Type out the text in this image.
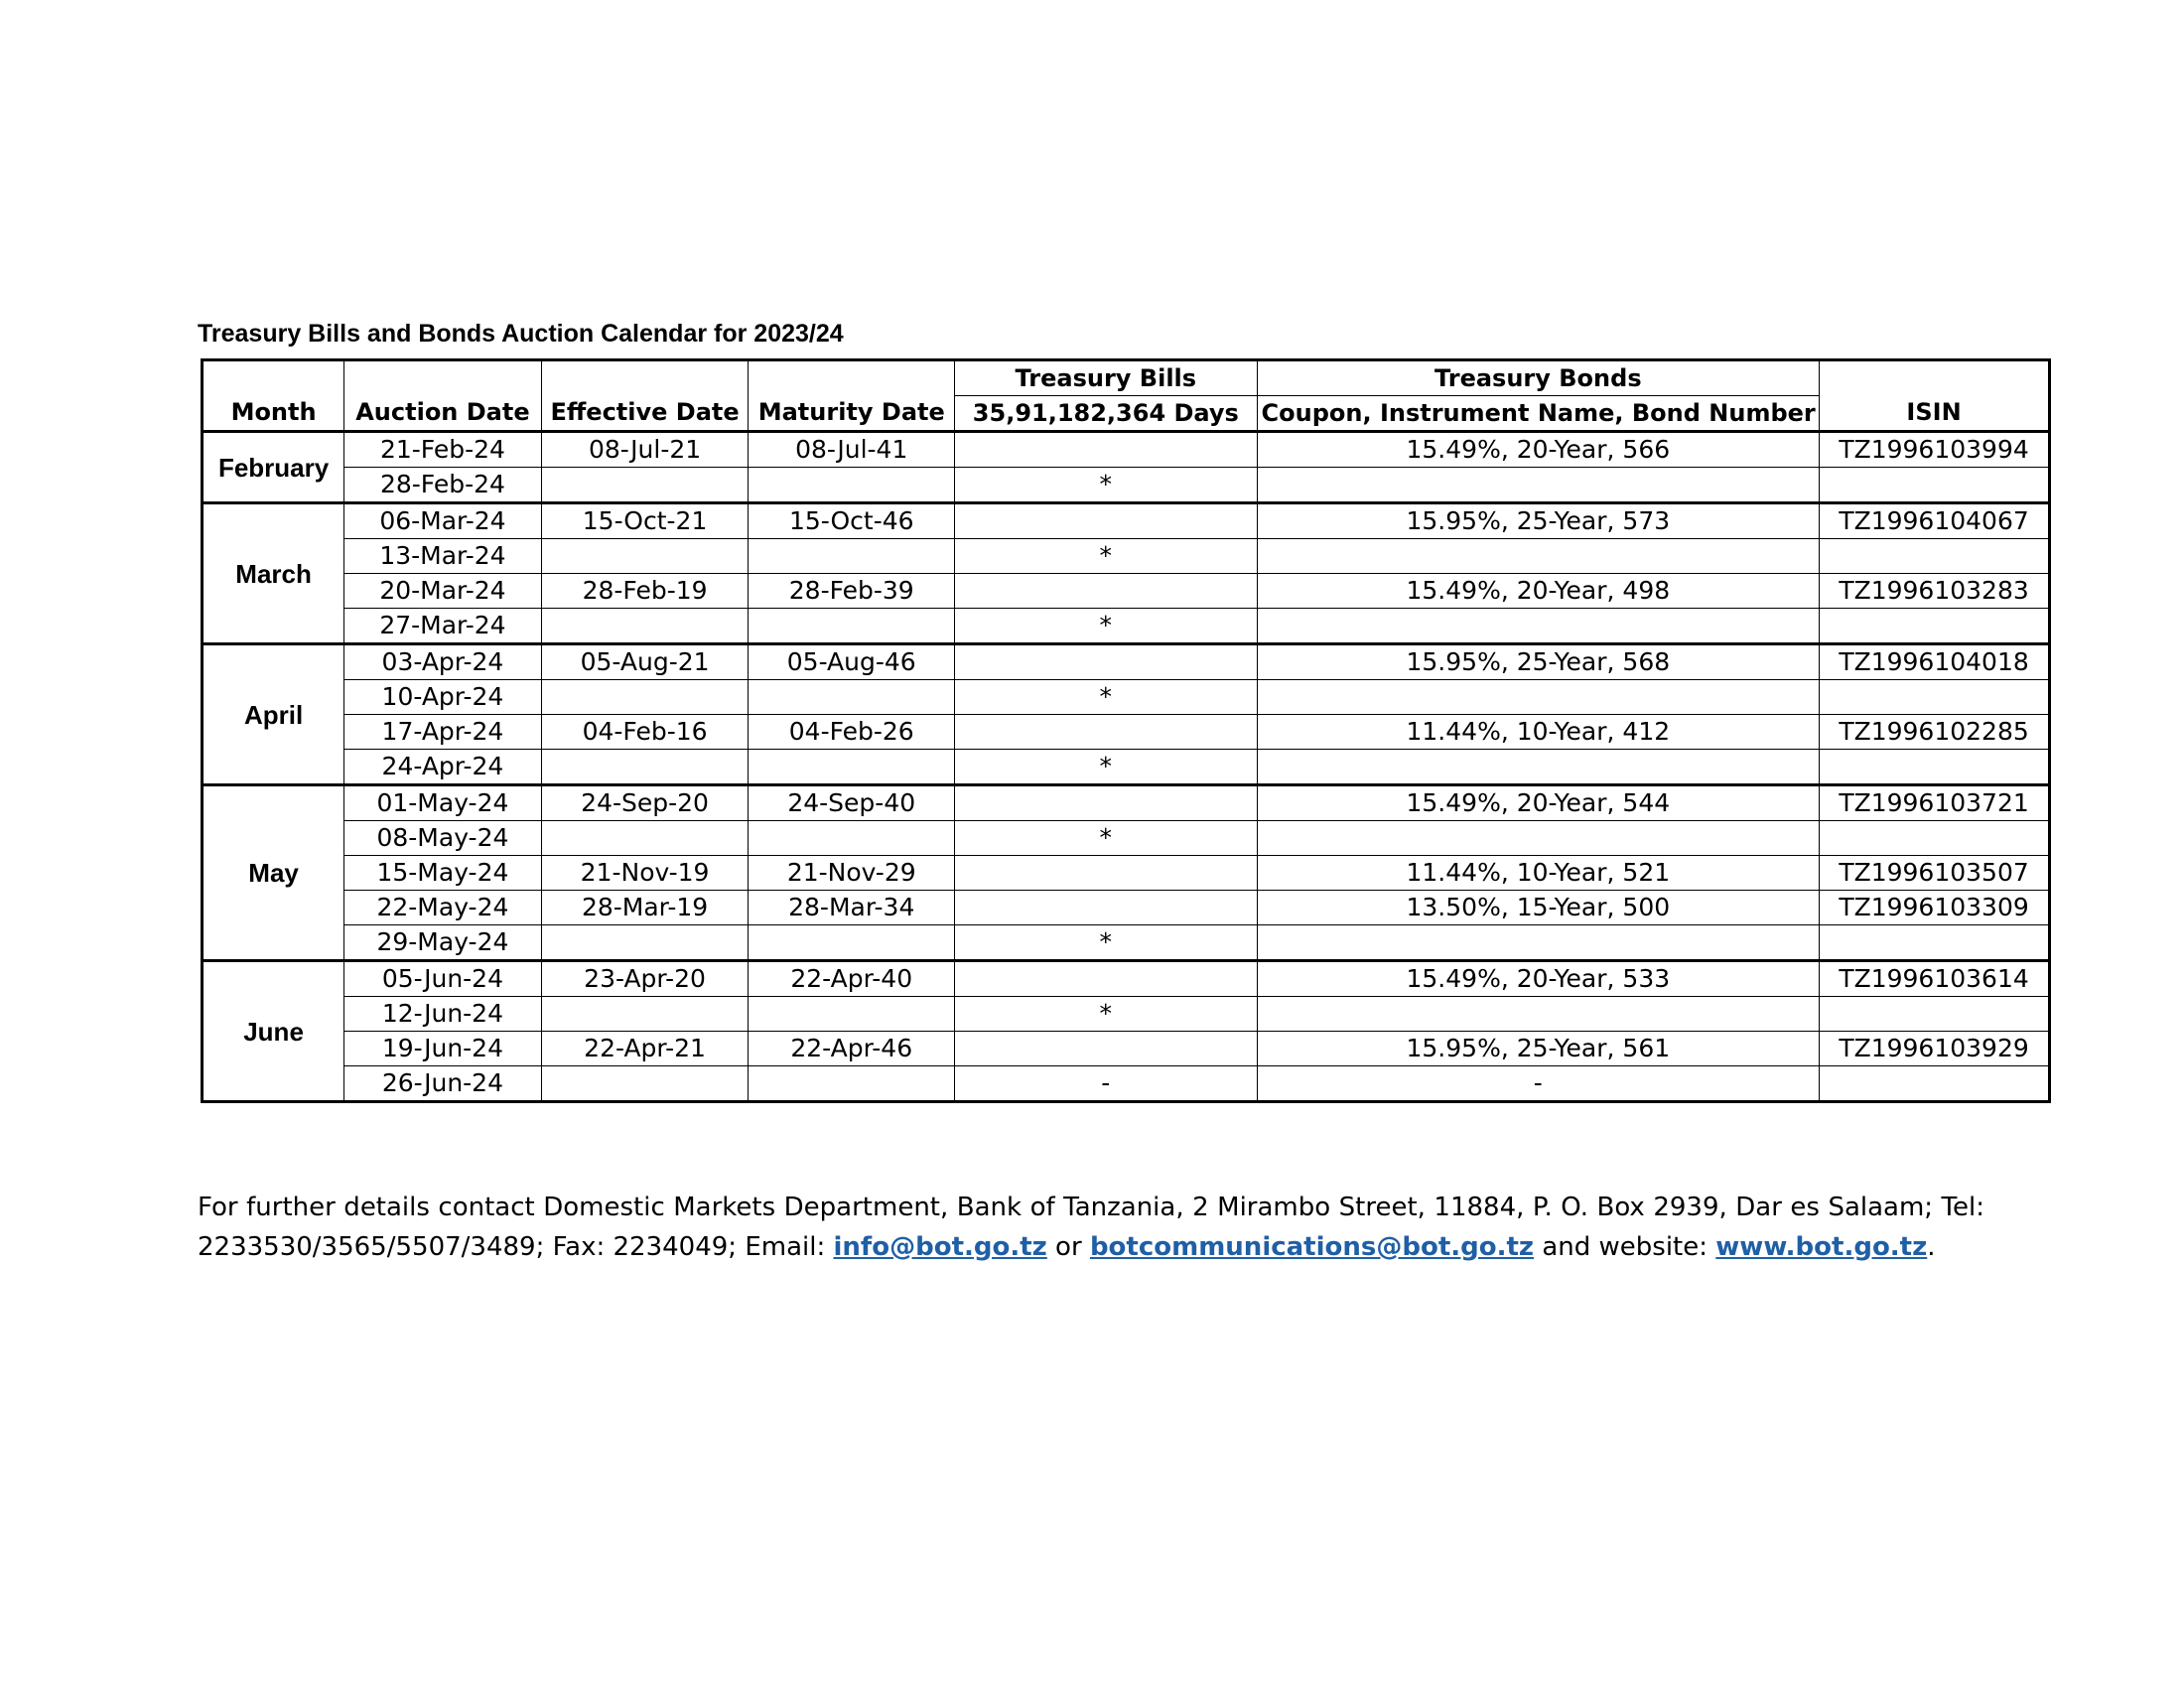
Treasury Bills and Bonds Auction Calendar for 2023/24
Month	Auction Date	Effective Date	Maturity Date	Treasury Bills	Treasury Bonds	ISIN
				35,91,182,364 Days	Coupon, Instrument Name, Bond Number	
February	21-Feb-24	08-Jul-21	08-Jul-41		15.49%, 20-Year, 566	TZ1996103994
	28-Feb-24			*		
March	06-Mar-24	15-Oct-21	15-Oct-46		15.95%, 25-Year, 573	TZ1996104067
	13-Mar-24			*		
	20-Mar-24	28-Feb-19	28-Feb-39		15.49%, 20-Year, 498	TZ1996103283
	27-Mar-24			*		
April	03-Apr-24	05-Aug-21	05-Aug-46		15.95%, 25-Year, 568	TZ1996104018
	10-Apr-24			*		
	17-Apr-24	04-Feb-16	04-Feb-26		11.44%, 10-Year, 412	TZ1996102285
	24-Apr-24			*		
May	01-May-24	24-Sep-20	24-Sep-40		15.49%, 20-Year, 544	TZ1996103721
	08-May-24			*		
	15-May-24	21-Nov-19	21-Nov-29		11.44%, 10-Year, 521	TZ1996103507
	22-May-24	28-Mar-19	28-Mar-34		13.50%, 15-Year, 500	TZ1996103309
	29-May-24			*		
June	05-Jun-24	23-Apr-20	22-Apr-40		15.49%, 20-Year, 533	TZ1996103614
	12-Jun-24			*		
	19-Jun-24	22-Apr-21	22-Apr-46		15.95%, 25-Year, 561	TZ1996103929
	26-Jun-24			-	-	

For further details contact Domestic Markets Department, Bank of Tanzania, 2 Mirambo Street, 11884, P. O. Box 2939, Dar es Salaam; Tel: 2233530/3565/5507/3489; Fax: 2234049; Email: info@bot.go.tz or botcommunications@bot.go.tz and website: www.bot.go.tz.
